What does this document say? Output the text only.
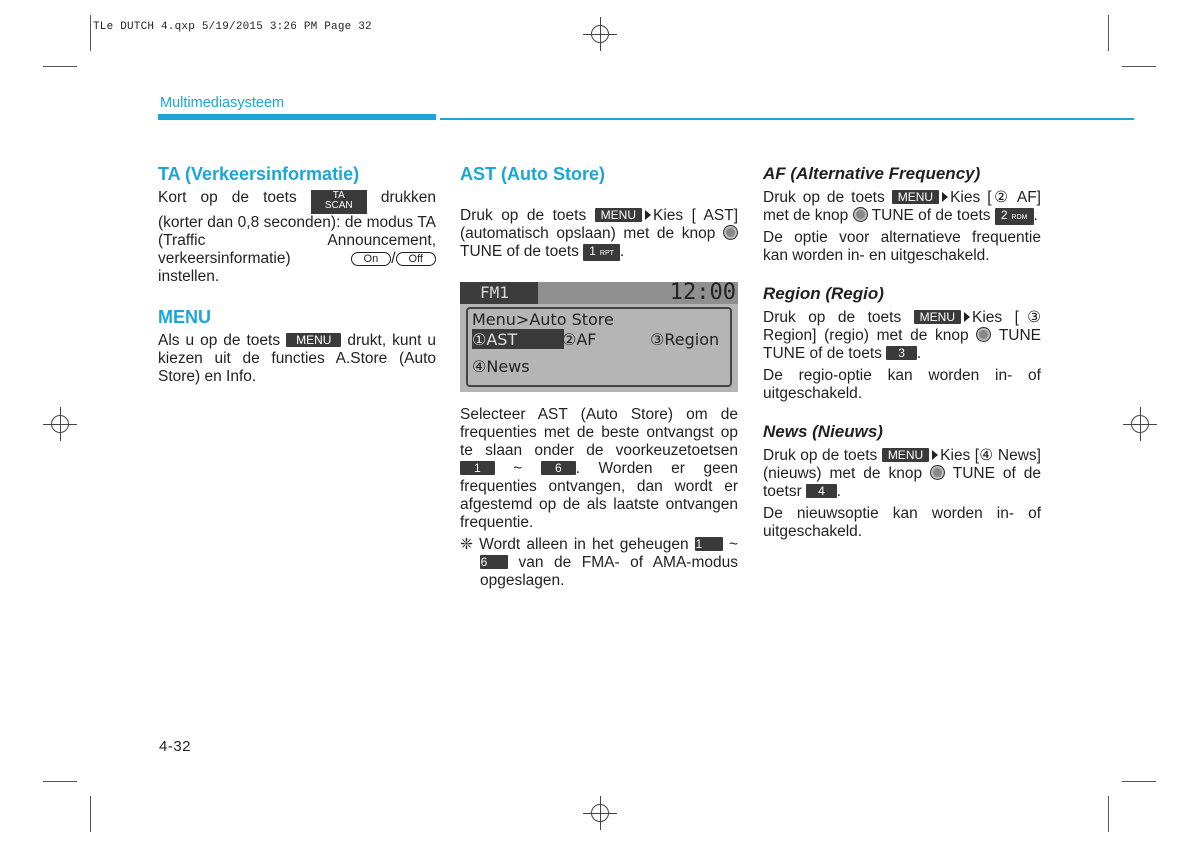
TLe DUTCH 4.qxp 5/19/2015 3:26 PM Page 32
Multimediasysteem
TA (Verkeersinformatie)

Kort op de toets	TA
SCAN drukken (korter dan 0,8 seconden): de modus TA (Traffic Announcement, verkeersinformatie)	On / Off instellen.

MENU

Als u op de toets MENU drukt, kunt u kiezen uit de functies A.Store (Auto Store) en Info.

AST (Auto Store)

Druk op de toets MENU Kies [ AST] (automatisch opslaan) met de knop  TUNE of de toets 1 RPT .

FM1	12:00
Menu>Auto Store
①AST	②AF	③Region
④News

Selecteer AST (Auto Store) om de frequenties met de beste ontvangst op te slaan onder de voorkeuzetoetsen 1 ~	6 . Worden er geen frequenties ontvangen, dan wordt er afgestemd op de als laatste ontvangen frequentie.

❈ Wordt alleen in het geheugen 1 ~ 6 van de FMA- of AMA-modus opgeslagen.

AF (Alternative Frequency)

Druk op de toets MENU Kies [② AF] met de knop TUNE of de toets 2 RDM .

De optie voor alternatieve frequentie kan worden in- en uitgeschakeld.

Region (Regio)

Druk op de toets MENU Kies [③ Region] (regio) met de knop TUNE TUNE of de toets 3 .

De regio-optie kan worden in- of uitgeschakeld.

News (Nieuws)

Druk op de toets MENU Kies [④ News] (nieuws) met de knop TUNE of de toetsr 4 .

De nieuwsoptie kan worden in- of uitgeschakeld.

4-32
